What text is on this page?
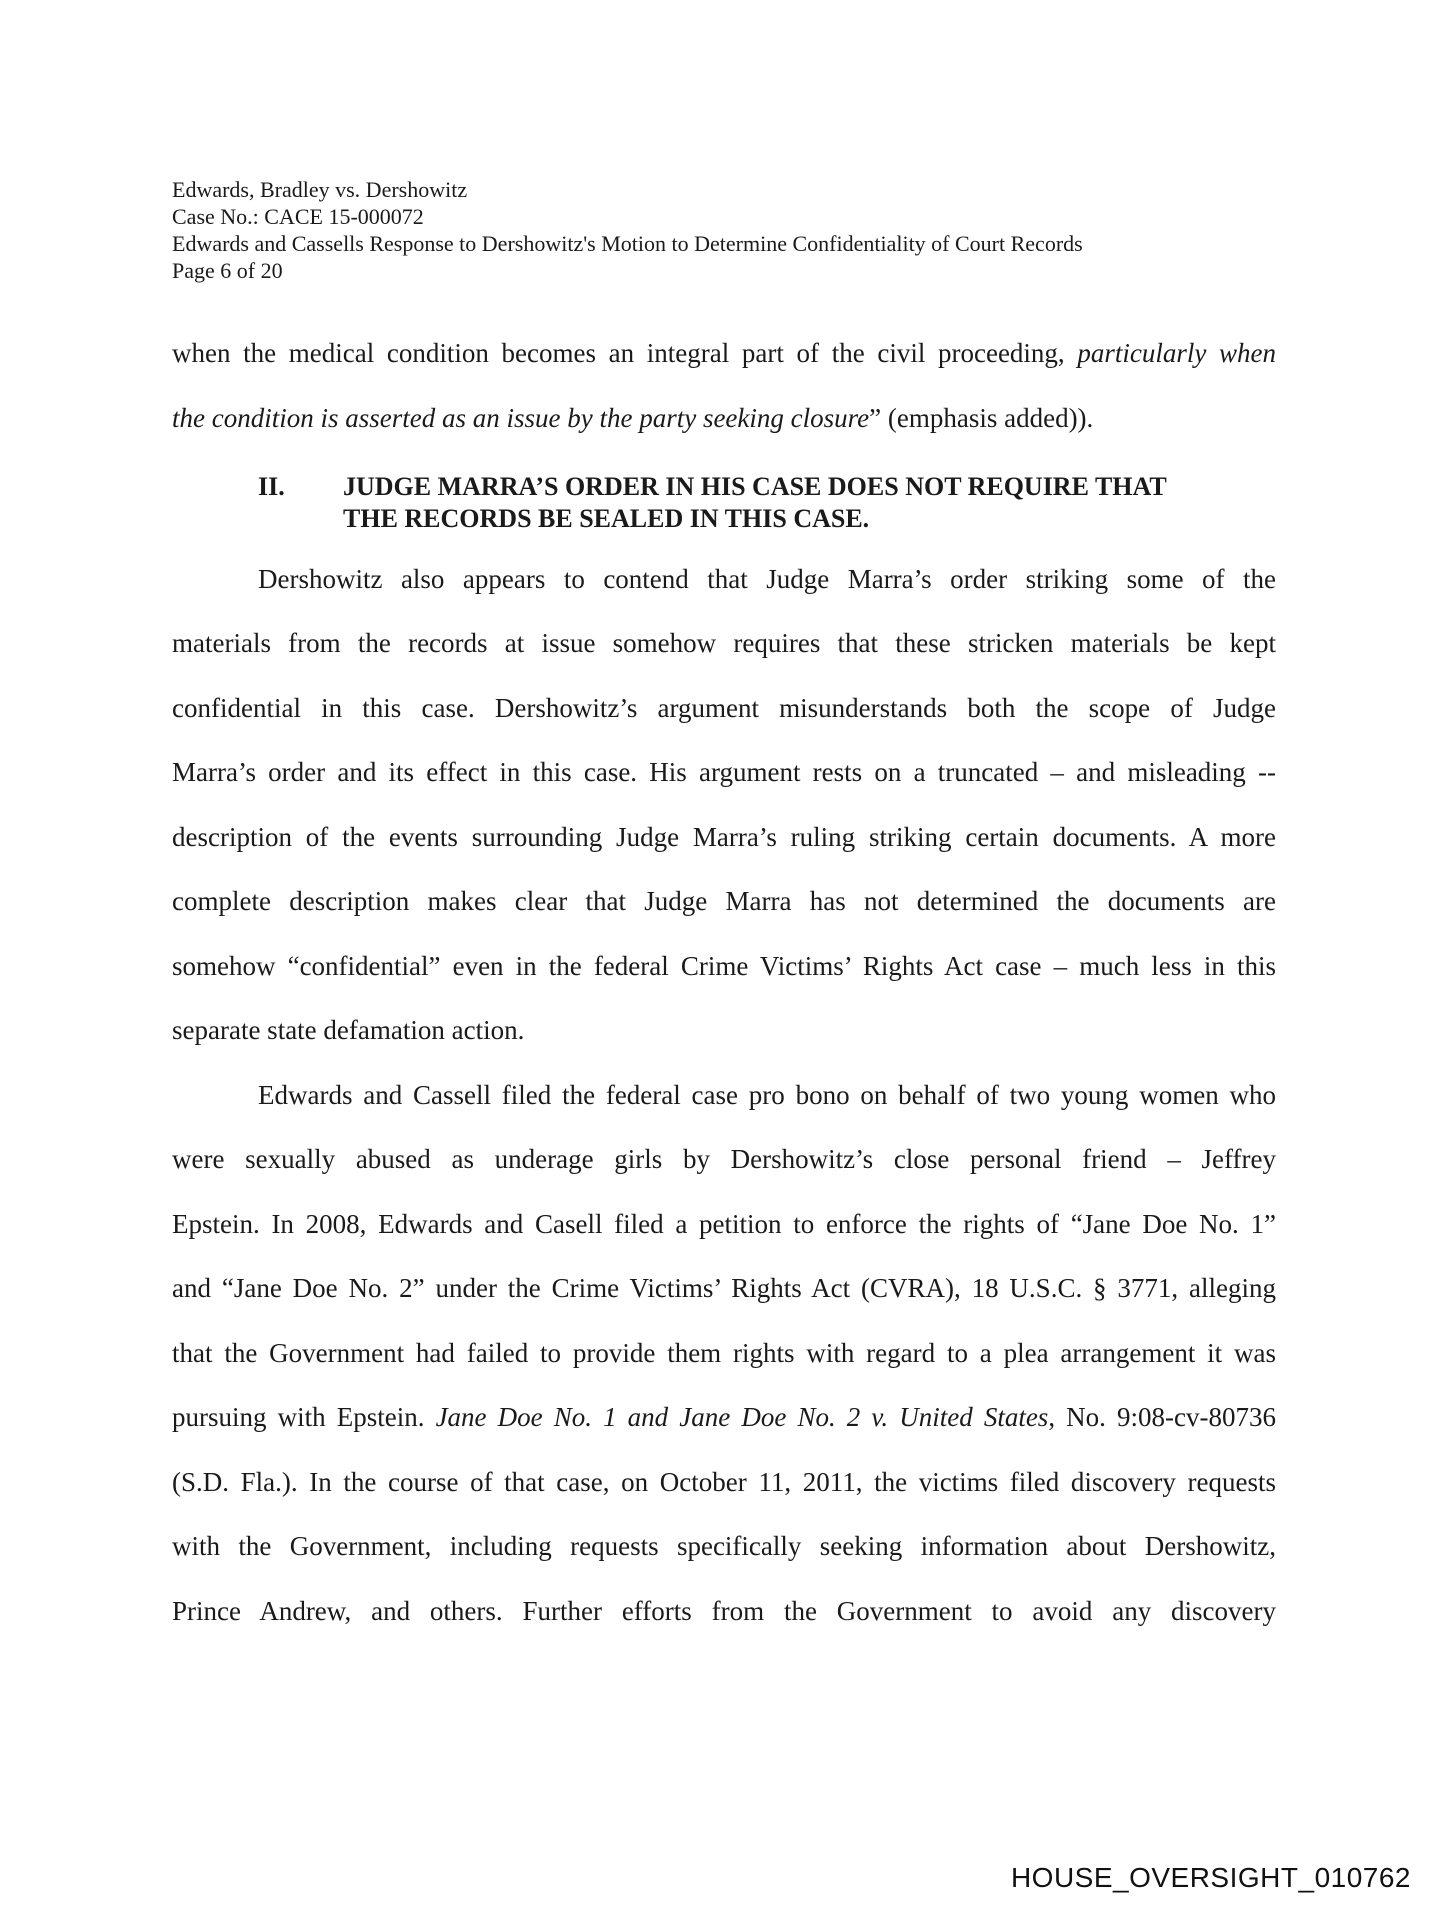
Edwards, Bradley vs. Dershowitz
Case No.: CACE 15-000072
Edwards and Cassells Response to Dershowitz's Motion to Determine Confidentiality of Court Records
Page 6 of 20
when the medical condition becomes an integral part of the civil proceeding, particularly when
the condition is asserted as an issue by the party seeking closure” (emphasis added)).
II. JUDGE MARRA’S ORDER IN HIS CASE DOES NOT REQUIRE THAT
THE RECORDS BE SEALED IN THIS CASE.
Dershowitz also appears to contend that Judge Marra’s order striking some of the
materials from the records at issue somehow requires that these stricken materials be kept
confidential in this case. Dershowitz’s argument misunderstands both the scope of Judge
Marra’s order and its effect in this case. His argument rests on a truncated – and misleading --
description of the events surrounding Judge Marra’s ruling striking certain documents. A more
complete description makes clear that Judge Marra has not determined the documents are
somehow “confidential” even in the federal Crime Victims’ Rights Act case – much less in this
separate state defamation action.
Edwards and Cassell filed the federal case pro bono on behalf of two young women who
were sexually abused as underage girls by Dershowitz’s close personal friend – Jeffrey
Epstein. In 2008, Edwards and Casell filed a petition to enforce the rights of “Jane Doe No. 1”
and “Jane Doe No. 2” under the Crime Victims’ Rights Act (CVRA), 18 U.S.C. § 3771, alleging
that the Government had failed to provide them rights with regard to a plea arrangement it was
pursuing with Epstein. Jane Doe No. 1 and Jane Doe No. 2 v. United States, No. 9:08-cv-80736
(S.D. Fla.). In the course of that case, on October 11, 2011, the victims filed discovery requests
with the Government, including requests specifically seeking information about Dershowitz,
Prince Andrew, and others. Further efforts from the Government to avoid any discovery
HOUSE_OVERSIGHT_010762
